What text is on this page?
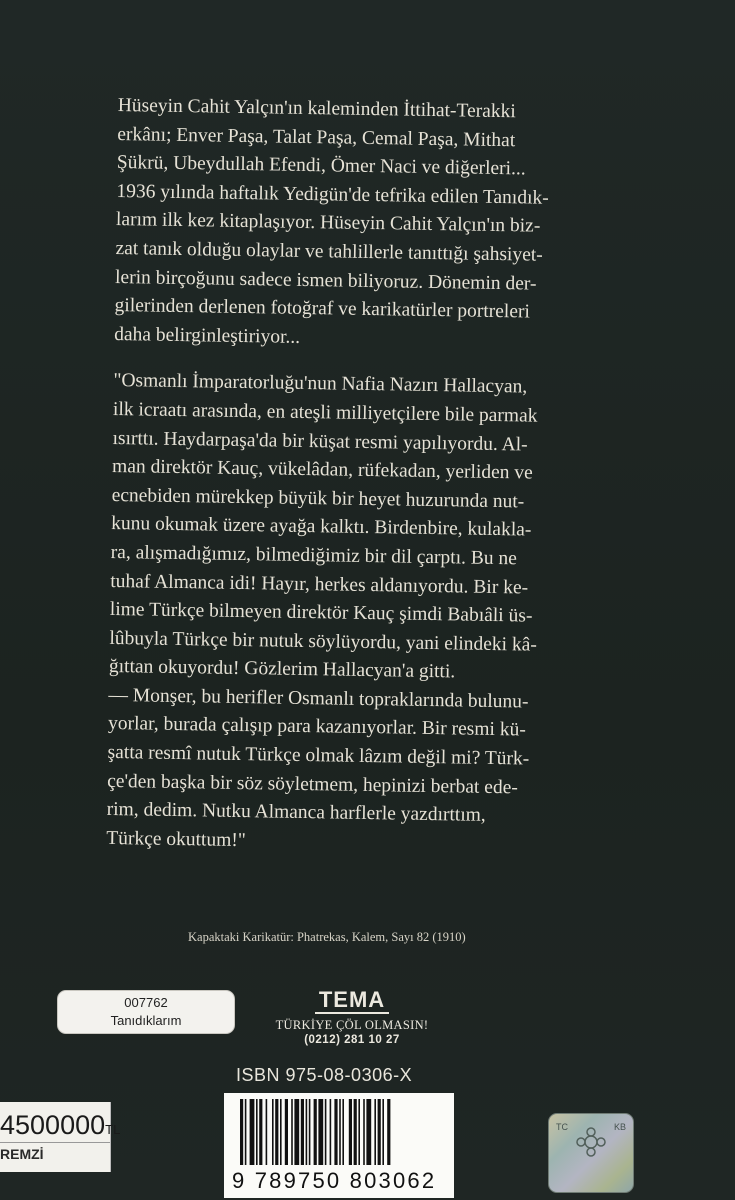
Hüseyin Cahit Yalçın'ın kaleminden İttihat-Terakki
erkânı; Enver Paşa, Talat Paşa, Cemal Paşa, Mithat
Şükrü, Ubeydullah Efendi, Ömer Naci ve diğerleri...
1936 yılında haftalık Yedigün'de tefrika edilen Tanıdık-
larım ilk kez kitaplaşıyor. Hüseyin Cahit Yalçın'ın biz-
zat tanık olduğu olaylar ve tahlillerle tanıttığı şahsiyet-
lerin birçoğunu sadece ismen biliyoruz. Dönemin der-
gilerinden derlenen fotoğraf ve karikatürler portreleri
daha belirginleştiriyor...

"Osmanlı İmparatorluğu'nun Nafia Nazırı Hallacyan,
ilk icraatı arasında, en ateşli milliyetçilere bile parmak
ısırttı. Haydarpaşa'da bir küşat resmi yapılıyordu. Al-
man direktör Kauç, vükelâdan, rüfekadan, yerliden ve
ecnebiden mürekkep büyük bir heyet huzurunda nut-
kunu okumak üzere ayağa kalktı. Birdenbire, kulakla-
ra, alışmadığımız, bilmediğimiz bir dil çarptı. Bu ne
tuhaf Almanca idi! Hayır, herkes aldanıyordu. Bir ke-
lime Türkçe bilmeyen direktör Kauç şimdi Babıâli üs-
lûbuyla Türkçe bir nutuk söylüyordu, yani elindeki kâ-
ğıttan okuyordu! Gözlerim Hallacyan'a gitti.
— Monşer, bu herifler Osmanlı topraklarında bulunu-
yorlar, burada çalışıp para kazanıyorlar. Bir resmi kü-
şatta resmî nutuk Türkçe olmak lâzım değil mi? Türk-
çe'den başka bir söz söyletmem, hepinizi berbat ede-
rim, dedim. Nutku Almanca harflerle yazdırttım,
Türkçe okuttum!"

Kapaktaki Karikatür: Phatrekas, Kalem, Sayı 82 (1910)
007762
Tanıdıklarım
TEMA
TÜRKİYE ÇÖL OLMASIN!
(0212) 281 10 27
ISBN 975-08-0306-X
9 789750 803062
4500000TL
REMZİ
TC	KB
